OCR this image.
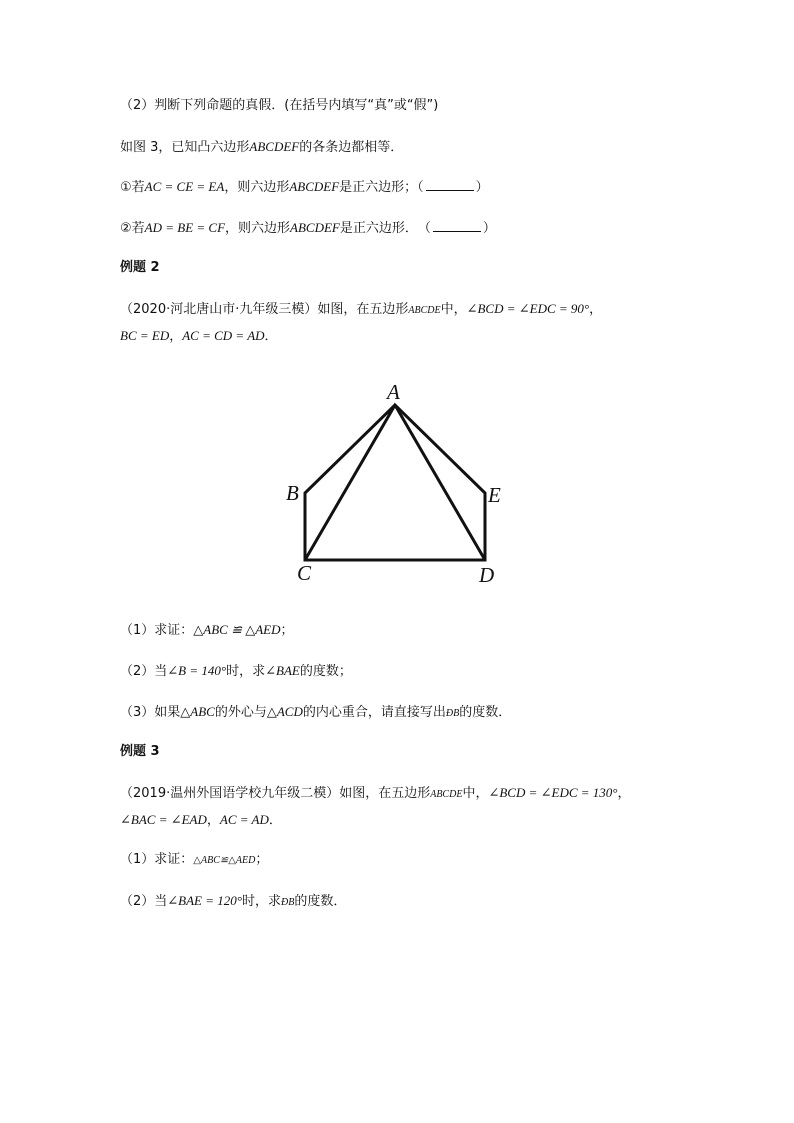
（2）判断下列命题的真假．(在括号内填写“真”或“假”)
如图 3，已知凸六边形ABCDEF的各条边都相等．
①若AC = CE = EA，则六边形ABCDEF是正六边形；（	）
②若AD = BE = CF，则六边形ABCDEF是正六边形．　（	）
例题 2
（2020·河北唐山市·九年级三模）如图，在五边形ABCDE中，∠BCD = ∠EDC = 90°，
BC = ED，AC = CD = AD．
A
B
C	D
E
（1）求证：△ABC ≌ △AED；
（2）当∠B = 140°时，求∠BAE的度数；
（3）如果△ABC的外心与△ACD的内心重合，请直接写出ÐB的度数．
例题 3
（2019·温州外国语学校九年级二模）如图，在五边形ABCDE中，∠BCD = ∠EDC = 130°，
∠BAC = ∠EAD，AC = AD．
（1）求证：△ABC≌△AED；
（2）当∠BAE = 120°时，求ÐB的度数．
